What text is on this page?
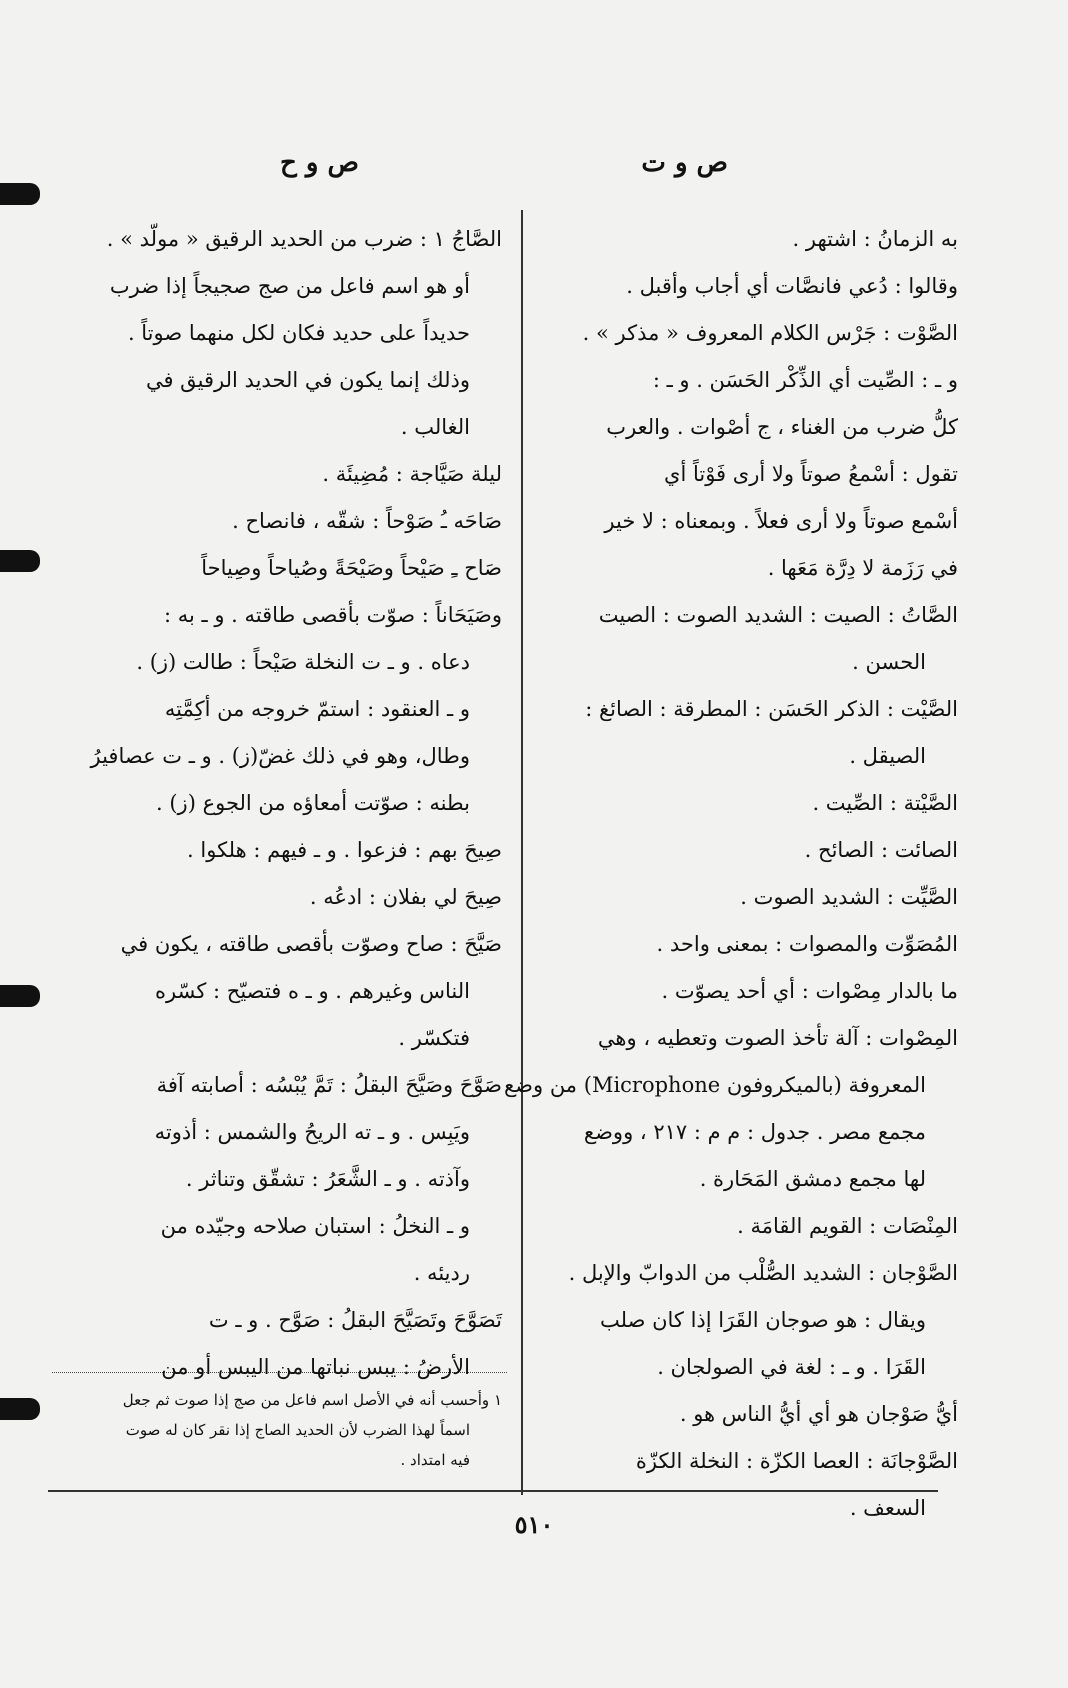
ص و ت
ص و ح
به الزمانُ : اشتهر .
وقالوا : دُعي فانصَّات أي أجاب وأقبل .
الصَّوْت : جَرْس الكلام المعروف « مذكر » .
و ـ : الصِّيت أي الذِّكْر الحَسَن . و ـ :
كلُّ ضرب من الغناء ، ج أصْوات . والعرب
تقول : أسْمعُ صوتاً ولا أرى فَوْتاً أي
أسْمع صوتاً ولا أرى فعلاً . وبمعناه : لا خير
في رَزَمة لا دِرَّة مَعَها .
الصَّاتُ : الصيت : الشديد الصوت : الصيت
الحسن .
الصَّيْت : الذكر الحَسَن : المطرقة : الصائغ :
الصيقل .
الصَّيْتة : الصِّيت .
الصائت : الصائح .
الصَّيِّت : الشديد الصوت .
المُصَوِّت والمصوات : بمعنى واحد .
ما بالدار مِصْوات : أي أحد يصوّت .
المِصْوات : آلة تأخذ الصوت وتعطيه ، وهي
المعروفة (بالميكروفون Microphone) من وضع
مجمع مصر . جدول : م م : ٢١٧ ، ووضع
لها مجمع دمشق المَحَارة .
المِنْصَات : القويم القامَة .
الصَّوْجان : الشديد الصُّلْب من الدوابّ والإبل .
ويقال : هو صوجان القَرَا إذا كان صلب
القَرَا . و ـ : لغة في الصولجان .
أيُّ صَوْجان هو أي أيُّ الناس هو .
الصَّوْجانَة : العصا الكزّة : النخلة الكزّة
السعف .
الصَّاجُ ١ : ضرب من الحديد الرقيق « مولّد » .
أو هو اسم فاعل من صج صجيجاً إذا ضرب
حديداً على حديد فكان لكل منهما صوتاً .
وذلك إنما يكون في الحديد الرقيق في
الغالب .
ليلة صَيَّاجة : مُضِيئَة .
صَاحَه ـُ صَوْحاً : شقّه ، فانصاح .
صَاح ـِ صَيْحاً وصَيْحَةً وصُياحاً وصِياحاً
وصَيَحَاناً : صوّت بأقصى طاقته . و ـ به :
دعاه . و ـ ت النخلة صَيْحاً : طالت (ز) .
و ـ العنقود : استمّ خروجه من أكِمَّتِه
وطال، وهو في ذلك غضّ(ز) . و ـ ت عصافيرُ
بطنه : صوّتت أمعاؤه من الجوع (ز) .
صِيحَ بهم : فزعوا . و ـ فيهم : هلكوا .
صِيحَ لي بفلان : ادعُه .
صَيَّحَ : صاح وصوّت بأقصى طاقته ، يكون في
الناس وغيرهم . و ـ ه فتصيّح : كسّره
فتكسّر .
صَوَّحَ وصَيَّحَ البقلُ : تَمَّ يُبْسُه : أصابته آفة
ويَبِس . و ـ ته الريحُ والشمس : أذوته
وآذته . و ـ الشَّعَرُ : تشقّق وتناثر .
و ـ النخلُ : استبان صلاحه وجيّده من
رديئه .
تَصَوَّحَ وتَصَيَّحَ البقلُ : صَوَّح . و ـ ت
الأرضُ : يبس نباتها من اليبس أو من
١ وأحسب أنه في الأصل اسم فاعل من صج إذا صوت ثم جعل
اسماً لهذا الضرب لأن الحديد الصاج إذا نقر كان له صوت
فيه امتداد .
٥١٠
